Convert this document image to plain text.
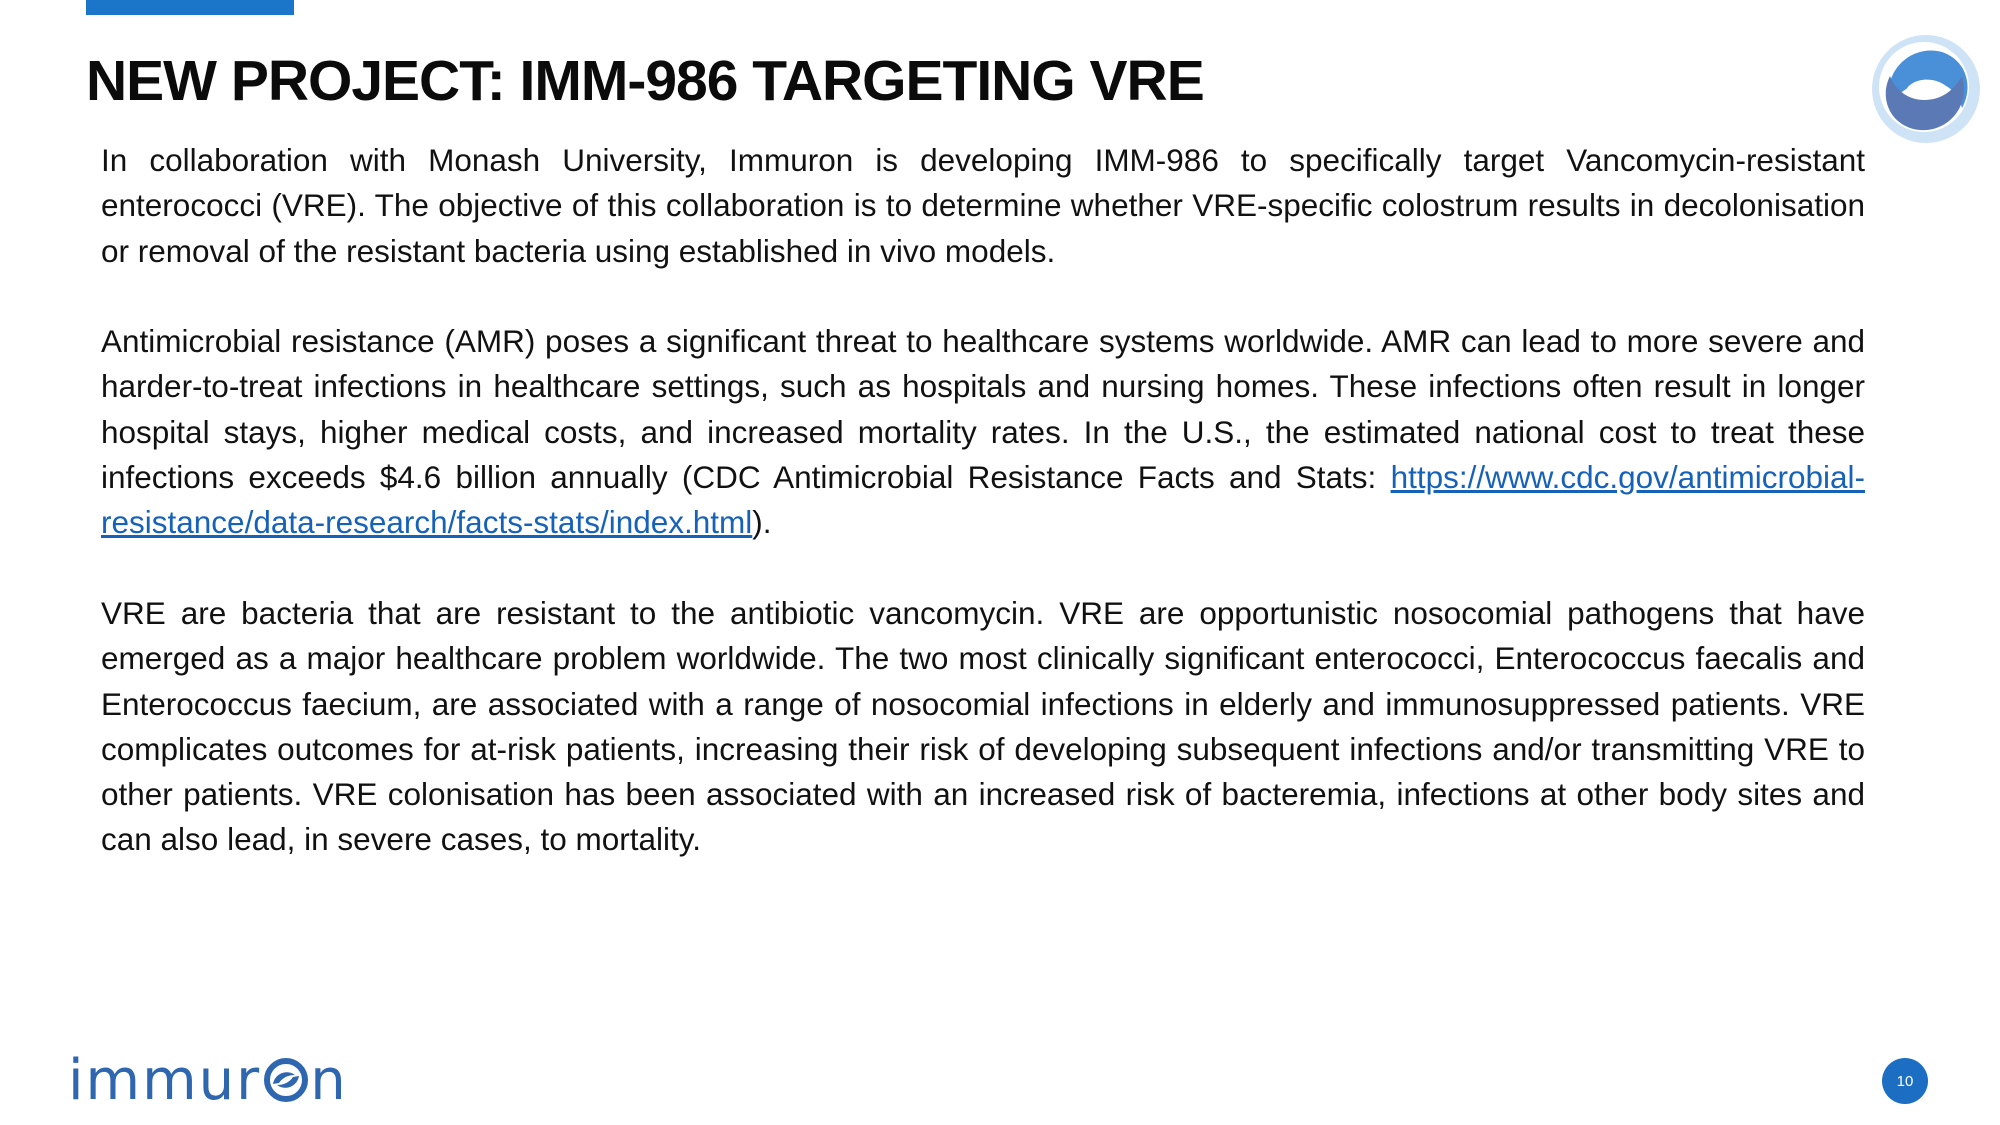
NEW PROJECT: IMM-986 TARGETING VRE

In collaboration with Monash University, Immuron is developing IMM-986 to specifically target Vancomycin-resistant enterococci (VRE). The objective of this collaboration is to determine whether VRE-specific colostrum results in decolonisation or removal of the resistant bacteria using established in vivo models.

Antimicrobial resistance (AMR) poses a significant threat to healthcare systems worldwide. AMR can lead to more severe and harder-to-treat infections in healthcare settings, such as hospitals and nursing homes. These infections often result in longer hospital stays, higher medical costs, and increased mortality rates. In the U.S., the estimated national cost to treat these infections exceeds $4.6 billion annually (CDC Antimicrobial Resistance Facts and Stats: https://www.cdc.gov/antimicrobial-resistance/data-research/facts-stats/index.html).

VRE are bacteria that are resistant to the antibiotic vancomycin. VRE are opportunistic nosocomial pathogens that have emerged as a major healthcare problem worldwide. The two most clinically significant enterococci, Enterococcus faecalis and Enterococcus faecium, are associated with a range of nosocomial infections in elderly and immunosuppressed patients. VRE complicates outcomes for at-risk patients, increasing their risk of developing subsequent infections and/or transmitting VRE to other patients. VRE colonisation has been associated with an increased risk of bacteremia, infections at other body sites and can also lead, in severe cases, to mortality.

immur n	10
